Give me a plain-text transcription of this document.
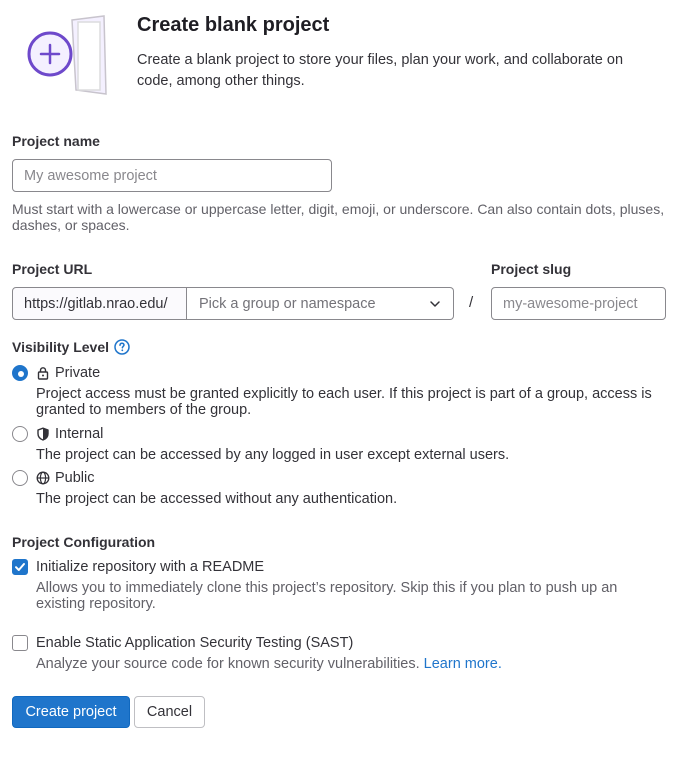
Create blank project
Create a blank project to store your files, plan your work, and collaborate on code, among other things.
Project name
My awesome project
Must start with a lowercase or uppercase letter, digit, emoji, or underscore. Can also contain dots, pluses, dashes, or spaces.
Project URL
https://gitlab.nrao.edu/	Pick a group or namespace	/
Project slug
my-awesome-project
Visibility Level
Private
Project access must be granted explicitly to each user. If this project is part of a group, access is granted to members of the group.
Internal
The project can be accessed by any logged in user except external users.
Public
The project can be accessed without any authentication.
Project Configuration
Initialize repository with a README
Allows you to immediately clone this project’s repository. Skip this if you plan to push up an existing repository.
Enable Static Application Security Testing (SAST)
Analyze your source code for known security vulnerabilities. Learn more.
Create project	Cancel
